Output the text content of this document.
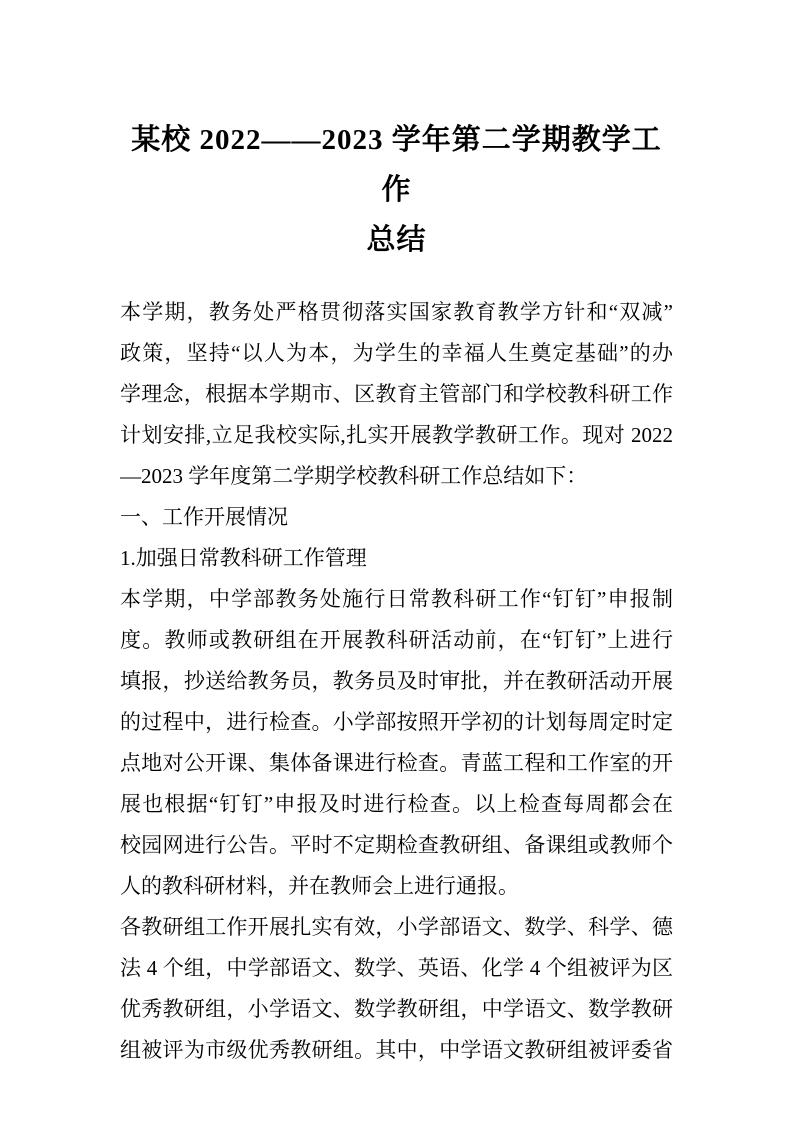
某校 2022——2023 学年第二学期教学工作
总结
本学期，教务处严格贯彻落实国家教育教学方针和“双减”
政策，坚持“以人为本，为学生的幸福人生奠定基础”的办
学理念，根据本学期市、区教育主管部门和学校教科研工作
计划安排,立足我校实际,扎实开展教学教研工作。现对 2022
—2023 学年度第二学期学校教科研工作总结如下：
一、工作开展情况
1.加强日常教科研工作管理
本学期，中学部教务处施行日常教科研工作“钉钉”申报制
度。教师或教研组在开展教科研活动前，在“钉钉”上进行
填报，抄送给教务员，教务员及时审批，并在教研活动开展
的过程中，进行检查。小学部按照开学初的计划每周定时定
点地对公开课、集体备课进行检查。青蓝工程和工作室的开
展也根据“钉钉”申报及时进行检查。以上检查每周都会在
校园网进行公告。平时不定期检查教研组、备课组或教师个
人的教科研材料，并在教师会上进行通报。
各教研组工作开展扎实有效，小学部语文、数学、科学、德
法 4 个组，中学部语文、数学、英语、化学 4 个组被评为区
优秀教研组，小学语文、数学教研组，中学语文、数学教研
组被评为市级优秀教研组。其中，中学语文教研组被评委省
